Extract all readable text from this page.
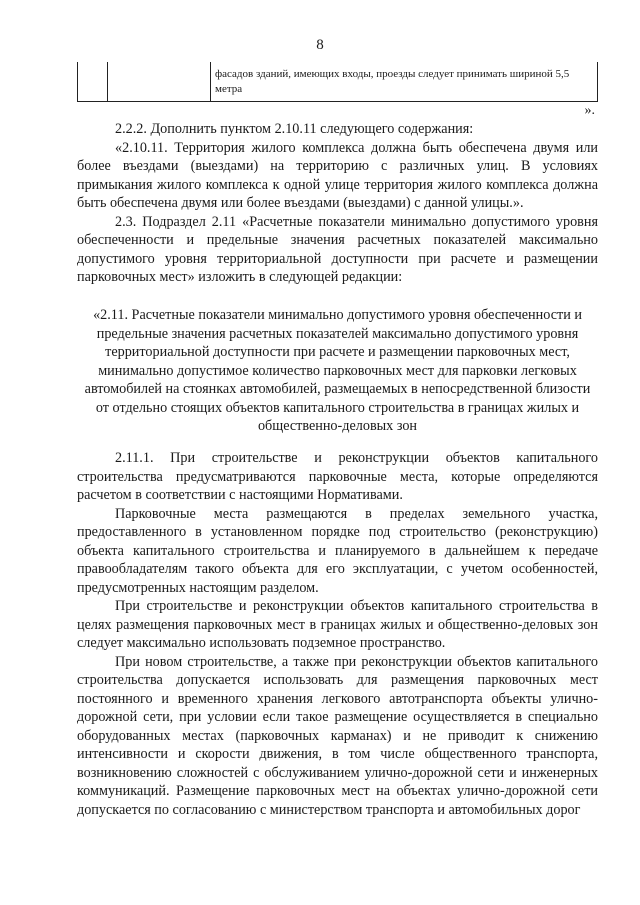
8
фасадов зданий, имеющих входы, проезды следует принимать шириной 5,5 метра
».

2.2.2. Дополнить пунктом 2.10.11 следующего содержания:

«2.10.11. Территория жилого комплекса должна быть обеспечена двумя или более въездами (выездами) на территорию с различных улиц. В условиях примыкания жилого комплекса к одной улице территория жилого комплекса должна быть обеспечена двумя или более въездами (выездами) с данной улицы.».

2.3. Подраздел 2.11 «Расчетные показатели минимально допустимого уровня обеспеченности и предельные значения расчетных показателей максимально допустимого уровня территориальной доступности при расчете и размещении парковочных мест» изложить в следующей редакции:

«2.11. Расчетные показатели минимально допустимого уровня обеспеченности и предельные значения расчетных показателей максимально допустимого уровня территориальной доступности при расчете и размещении парковочных мест, минимально допустимое количество парковочных мест для парковки легковых автомобилей на стоянках автомобилей, размещаемых в непосредственной близости от отдельно стоящих объектов капитального строительства в границах жилых и общественно-деловых зон

2.11.1. При строительстве и реконструкции объектов капитального строительства предусматриваются парковочные места, которые определяются расчетом в соответствии с настоящими Нормативами.

Парковочные места размещаются в пределах земельного участка, предоставленного в установленном порядке под строительство (реконструкцию) объекта капитального строительства и планируемого в дальнейшем к передаче правообладателям такого объекта для его эксплуатации, с учетом особенностей, предусмотренных настоящим разделом.

При строительстве и реконструкции объектов капитального строительства в целях размещения парковочных мест в границах жилых и общественно-деловых зон следует максимально использовать подземное пространство.

При новом строительстве, а также при реконструкции объектов капитального строительства допускается использовать для размещения парковочных мест постоянного и временного хранения легкового автотранспорта объекты улично-дорожной сети, при условии если такое размещение осуществляется в специально оборудованных местах (парковочных карманах) и не приводит к снижению интенсивности и скорости движения, в том числе общественного транспорта, возникновению сложностей с обслуживанием улично-дорожной сети и инженерных коммуникаций. Размещение парковочных мест на объектах улично-дорожной сети допускается по согласованию с министерством транспорта и автомобильных дорог
